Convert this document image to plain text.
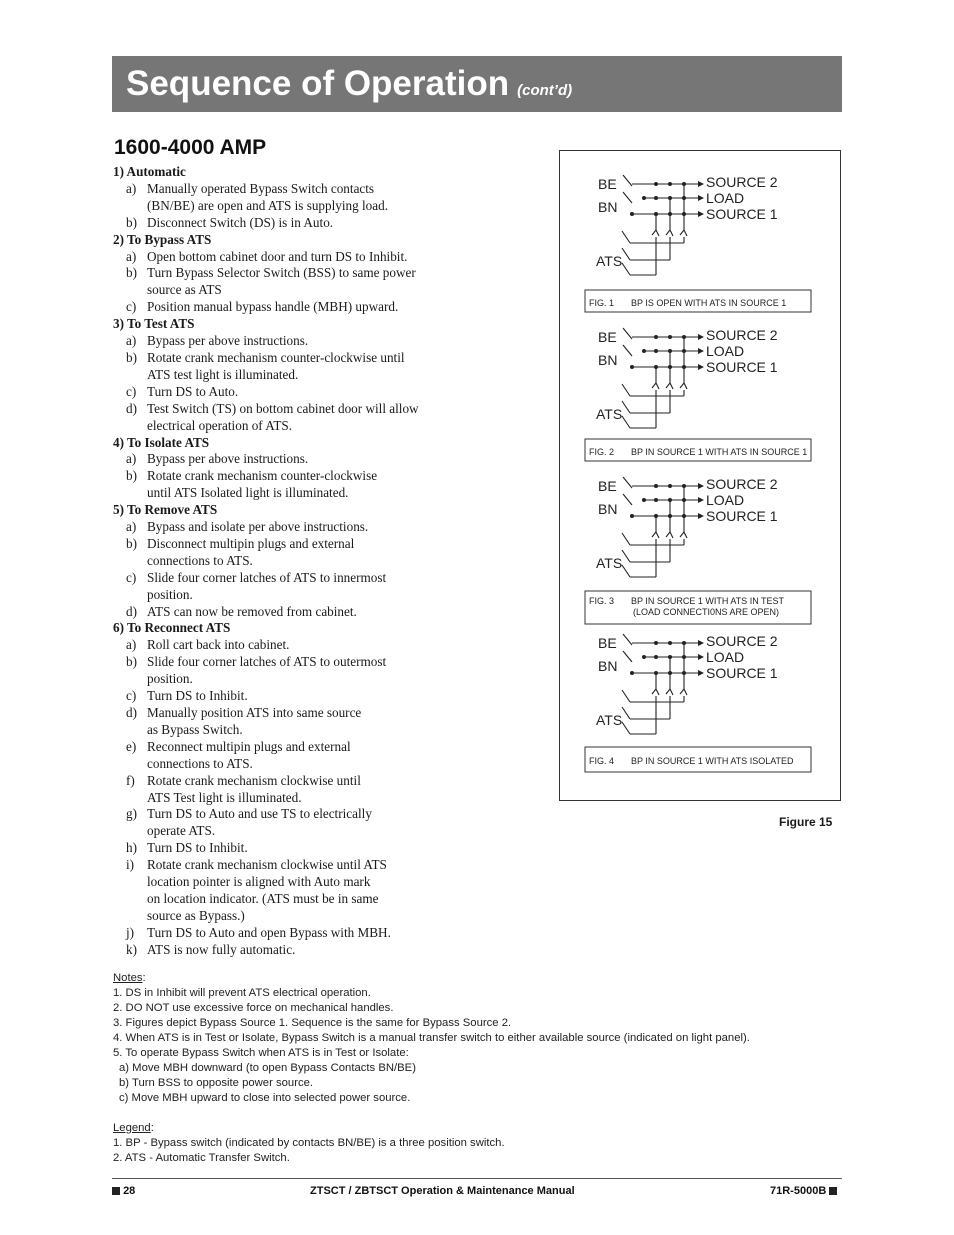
Sequence of Operation (cont’d)
1600-4000 AMP
1) Automatic
a) Manually operated Bypass Switch contacts
(BN/BE) are open and ATS is supplying load.
b) Disconnect Switch (DS) is in Auto.
2) To Bypass ATS
a) Open bottom cabinet door and turn DS to Inhibit.
b) Turn Bypass Selector Switch (BSS) to same power
source as ATS
c) Position manual bypass handle (MBH) upward.
3) To Test ATS
a) Bypass per above instructions.
b) Rotate crank mechanism counter-clockwise until
ATS test light is illuminated.
c) Turn DS to Auto.
d) Test Switch (TS) on bottom cabinet door will allow
electrical operation of ATS.
4) To Isolate ATS
a) Bypass per above instructions.
b) Rotate crank mechanism counter-clockwise
until ATS Isolated light is illuminated.
5) To Remove ATS
a) Bypass and isolate per above instructions.
b) Disconnect multipin plugs and external
connections to ATS.
c) Slide four corner latches of ATS to innermost
position.
d) ATS can now be removed from cabinet.
6) To Reconnect ATS
a) Roll cart back into cabinet.
b) Slide four corner latches of ATS to outermost
position.
c) Turn DS to Inhibit.
d) Manually position ATS into same source
as Bypass Switch.
e) Reconnect multipin plugs and external
connections to ATS.
f) Rotate crank mechanism clockwise until
ATS Test light is illuminated.
g) Turn DS to Auto and use TS to electrically
operate ATS.
h) Turn DS to Inhibit.
i) Rotate crank mechanism clockwise until ATS
location pointer is aligned with Auto mark
on location indicator. (ATS must be in same
source as Bypass.)
j) Turn DS to Auto and open Bypass with MBH.
k) ATS is now fully automatic.
BE
BN
ATS
SOURCE 2
LOAD
SOURCE 1
FIG. 1 BP IS OPEN WITH ATS IN SOURCE 1
BE
BN
ATS
SOURCE 2
LOAD
SOURCE 1
FIG. 2 BP IN SOURCE 1 WITH ATS IN SOURCE 1
BE
BN
ATS
SOURCE 2
LOAD
SOURCE 1
FIG. 3 BP IN SOURCE 1 WITH ATS IN TEST
(LOAD CONNECTI0NS ARE OPEN)
BE
BN
ATS
SOURCE 2
LOAD
SOURCE 1
FIG. 4 BP IN SOURCE 1 WITH ATS ISOLATED
Figure 15
Notes:
1. DS in Inhibit will prevent ATS electrical operation.
2. DO NOT use excessive force on mechanical handles.
3. Figures depict Bypass Source 1. Sequence is the same for Bypass Source 2.
4. When ATS is in Test or Isolate, Bypass Switch is a manual transfer switch to either available source (indicated on light panel).
5. To operate Bypass Switch when ATS is in Test or Isolate:
a) Move MBH downward (to open Bypass Contacts BN/BE)
b) Turn BSS to opposite power source.
c) Move MBH upward to close into selected power source.
Legend:
1. BP - Bypass switch (indicated by contacts BN/BE) is a three position switch.
2. ATS - Automatic Transfer Switch.
28	ZTSCT / ZBTSCT Operation & Maintenance Manual	71R-5000B
